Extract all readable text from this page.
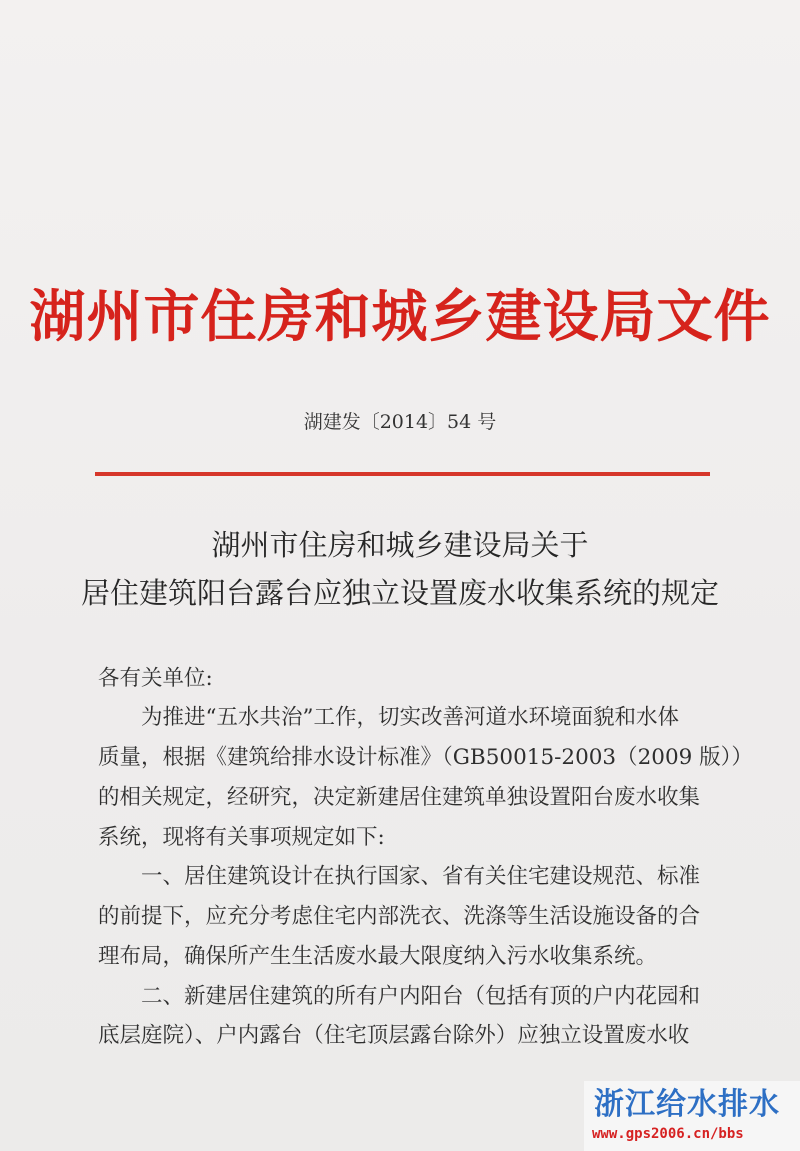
湖州市住房和城乡建设局文件
湖建发〔2014〕54 号
湖州市住房和城乡建设局关于
居住建筑阳台露台应独立设置废水收集系统的规定
各有关单位:
　　为推进“五水共治”工作，切实改善河道水环境面貌和水体
质量，根据《建筑给排水设计标准》（GB50015-2003（2009 版））
的相关规定，经研究，决定新建居住建筑单独设置阳台废水收集
系统，现将有关事项规定如下:
　　一、居住建筑设计在执行国家、省有关住宅建设规范、标准
的前提下，应充分考虑住宅内部洗衣、洗涤等生活设施设备的合
理布局，确保所产生生活废水最大限度纳入污水收集系统。
　　二、新建居住建筑的所有户内阳台（包括有顶的户内花园和
底层庭院）、户内露台（住宅顶层露台除外）应独立设置废水收
浙江给水排水
www.gps2006.cn/bbs
